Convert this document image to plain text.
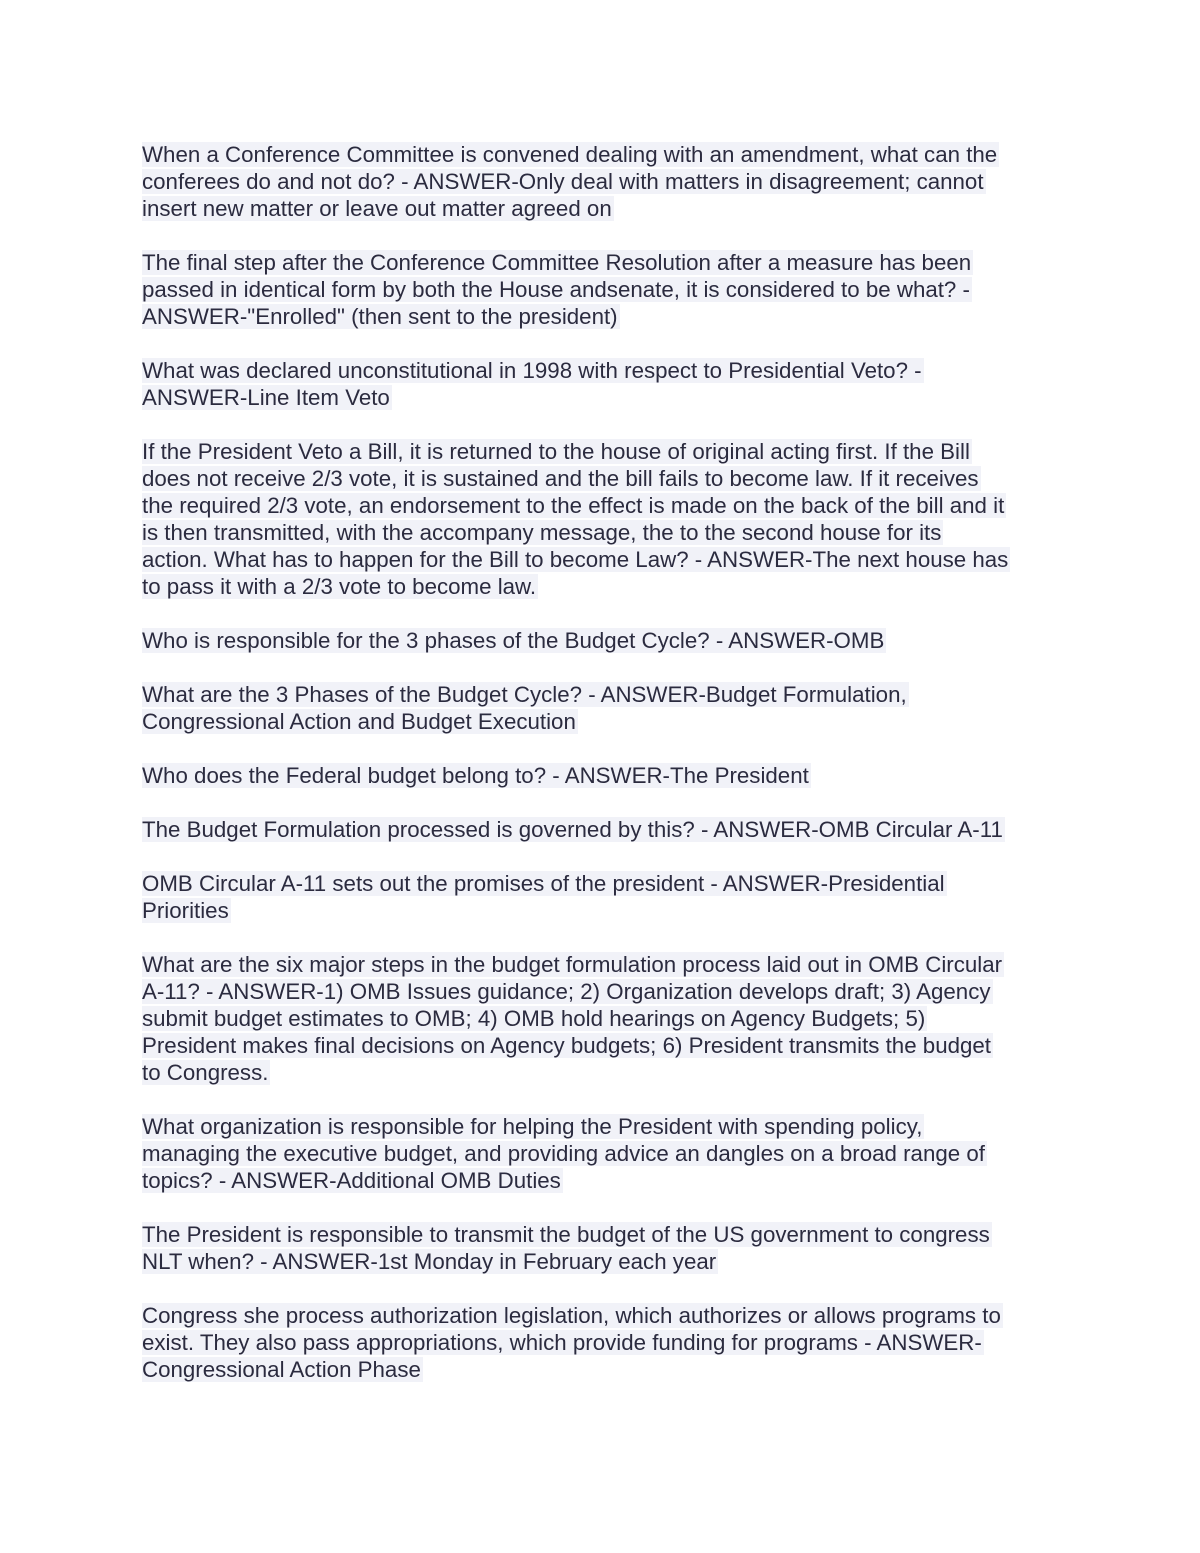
When a Conference Committee is convened dealing with an amendment, what can the
conferees do and not do? - ANSWER-Only deal with matters in disagreement; cannot
insert new matter or leave out matter agreed on
The final step after the Conference Committee Resolution after a measure has been
passed in identical form by both the House andsenate, it is considered to be what? -
ANSWER-"Enrolled" (then sent to the president)
What was declared unconstitutional in 1998 with respect to Presidential Veto? -
ANSWER-Line Item Veto
If the President Veto a Bill, it is returned to the house of original acting first. If the Bill
does not receive 2/3 vote, it is sustained and the bill fails to become law. If it receives
the required 2/3 vote, an endorsement to the effect is made on the back of the bill and it
is then transmitted, with the accompany message, the to the second house for its
action. What has to happen for the Bill to become Law? - ANSWER-The next house has
to pass it with a 2/3 vote to become law.
Who is responsible for the 3 phases of the Budget Cycle? - ANSWER-OMB
What are the 3 Phases of the Budget Cycle? - ANSWER-Budget Formulation,
Congressional Action and Budget Execution
Who does the Federal budget belong to? - ANSWER-The President
The Budget Formulation processed is governed by this? - ANSWER-OMB Circular A-11
OMB Circular A-11 sets out the promises of the president - ANSWER-Presidential
Priorities
What are the six major steps in the budget formulation process laid out in OMB Circular
A-11? - ANSWER-1) OMB Issues guidance; 2) Organization develops draft; 3) Agency
submit budget estimates to OMB; 4) OMB hold hearings on Agency Budgets; 5)
President makes final decisions on Agency budgets; 6) President transmits the budget
to Congress.
What organization is responsible for helping the President with spending policy,
managing the executive budget, and providing advice an dangles on a broad range of
topics? - ANSWER-Additional OMB Duties
The President is responsible to transmit the budget of the US government to congress
NLT when? - ANSWER-1st Monday in February each year
Congress she process authorization legislation, which authorizes or allows programs to
exist. They also pass appropriations, which provide funding for programs - ANSWER-
Congressional Action Phase
